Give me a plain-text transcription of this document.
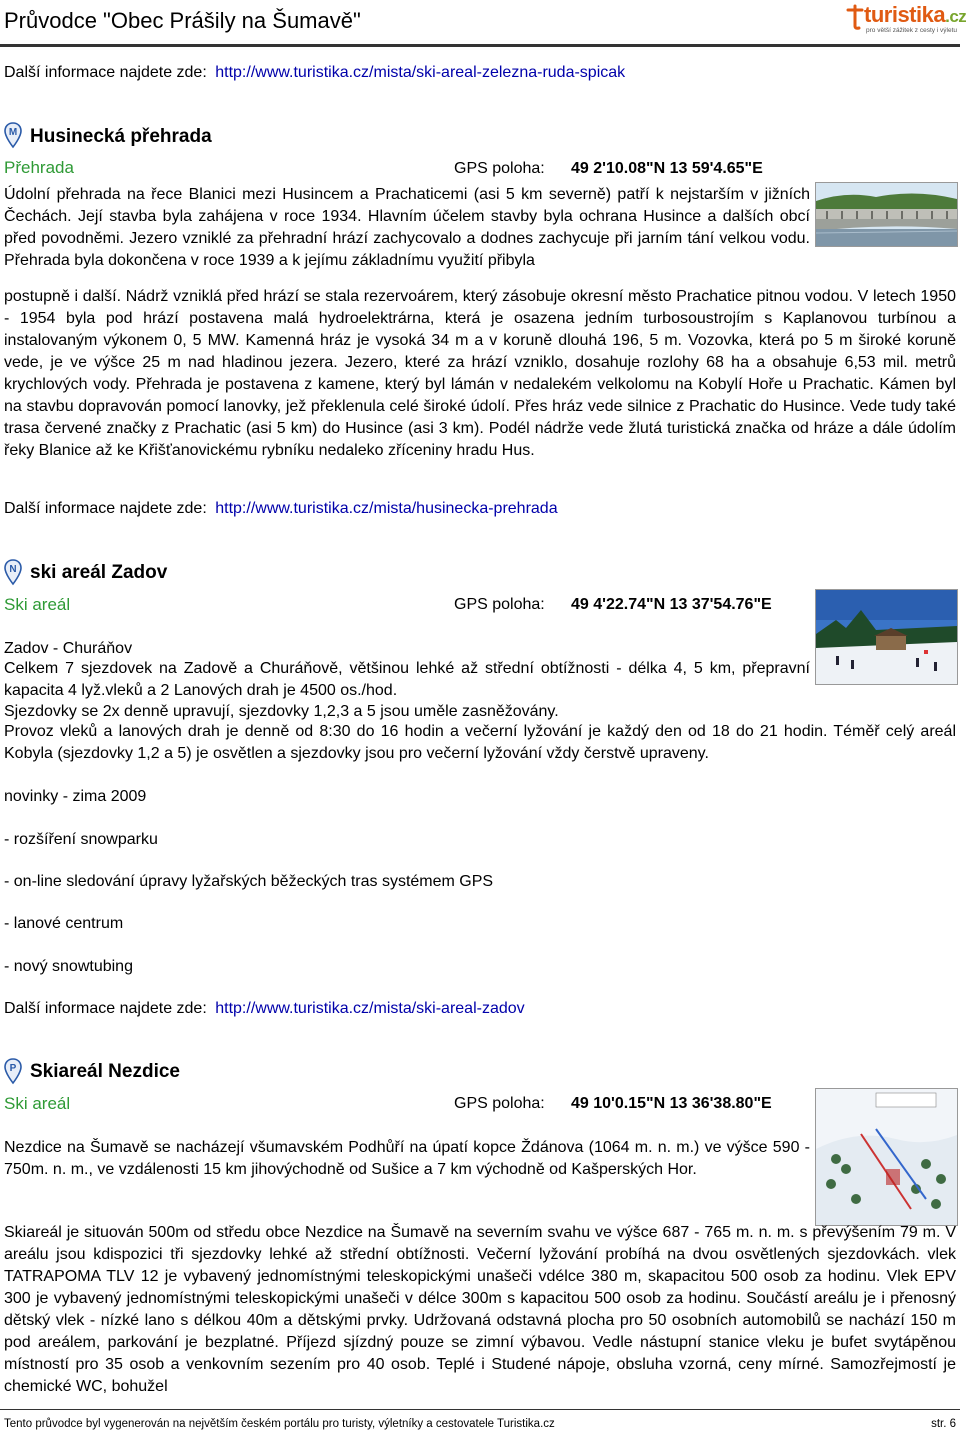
Průvodce "Obec Prášily na Šumavě"	turistika.cz
pro větší zážitek z cesty i výletu
Další informace najdete zde: http://www.turistika.cz/mista/ski-areal-zelezna-ruda-spicak
M Husinecká přehrada
Přehrada	GPS poloha: 49 2'10.08"N 13 59'4.65"E
Údolní přehrada na řece Blanici mezi Husincem a Prachaticemi (asi 5 km severně) patří k nejstarším v jižních Čechách. Její stavba byla zahájena v roce 1934. Hlavním účelem stavby byla ochrana Husince a dalších obcí před povodněmi. Jezero vzniklé za přehradní hrází zachycovalo a dodnes zachycuje při jarním tání velkou vodu. Přehrada byla dokončena v roce 1939 a k jejímu základnímu využití přibyla
postupně i další. Nádrž vzniklá před hrází se stala rezervoárem, který zásobuje okresní město Prachatice pitnou vodou. V letech 1950 - 1954 byla pod hrází postavena malá hydroelektrárna, která je osazena jedním turbosoustrojím s Kaplanovou turbínou a instalovaným výkonem 0, 5 MW. Kamenná hráz je vysoká 34 m a v koruně dlouhá 196, 5 m. Vozovka, která po 5 m široké koruně vede, je ve výšce 25 m nad hladinou jezera. Jezero, které za hrází vzniklo, dosahuje rozlohy 68 ha a obsahuje 6,53 mil. metrů krychlových vody. Přehrada je postavena z kamene, který byl lámán v nedalekém velkolomu na Kobylí Hoře u Prachatic. Kámen byl na stavbu dopravován pomocí lanovky, jež překlenula celé široké údolí. Přes hráz vede silnice z Prachatic do Husince. Vede tudy také trasa červené značky z Prachatic (asi 5 km) do Husince (asi 3 km). Podél nádrže vede žlutá turistická značka od hráze a dále údolím řeky Blanice až ke Křišťanovickému rybníku nedaleko zříceniny hradu Hus.
Další informace najdete zde: http://www.turistika.cz/mista/husinecka-prehrada
N ski areál Zadov
Ski areál	GPS poloha: 49 4'22.74"N 13 37'54.76"E
Zadov - Churáňov
Celkem 7 sjezdovek na Zadově a Churáňově, většinou lehké až střední obtížnosti - délka 4, 5 km, přepravní kapacita 4 lyž.vleků a 2 Lanových drah je 4500 os./hod.
Sjezdovky se 2x denně upravují, sjezdovky 1,2,3 a 5 jsou uměle zasněžovány.
Provoz vleků a lanových drah je denně od 8:30 do 16 hodin a večerní lyžování je každý den od 18 do 21 hodin. Téměř celý areál Kobyla (sjezdovky 1,2 a 5) je osvětlen a sjezdovky jsou pro večerní lyžování vždy čerstvě upraveny.
novinky - zima 2009
- rozšíření snowparku
- on-line sledování úpravy lyžařských běžeckých tras systémem GPS
- lanové centrum
- nový snowtubing
Další informace najdete zde: http://www.turistika.cz/mista/ski-areal-zadov
P Skiareál Nezdice
Ski areál	GPS poloha: 49 10'0.15"N 13 36'38.80"E
Nezdice na Šumavě se nacházejí všumavském Podhůří na úpatí kopce Ždánova (1064 m. n. m.) ve výšce 590 - 750m. n. m., ve vzdálenosti 15 km jihovýchodně od Sušice a 7 km východně od Kašperských Hor.
Skiareál je situován 500m od středu obce Nezdice na Šumavě na severním svahu ve výšce 687 - 765 m. n. m. s převýšením 79 m. V areálu jsou kdispozici tři sjezdovky lehké až střední obtížnosti. Večerní lyžování probíhá na dvou osvětlených sjezdovkách. vlek TATRAPOMA TLV 12 je vybavený jednomístnými teleskopickými unašeči vdélce 380 m, skapacitou 500 osob za hodinu. Vlek EPV 300 je vybavený jednomístnými teleskopickými unašeči v délce 300m s kapacitou 500 osob za hodinu. Součástí areálu je i přenosný dětský vlek - nízké lano s délkou 40m a dětskými prvky. Udržovaná odstavná plocha pro 50 osobních automobilů se nachází 150 m pod areálem, parkování je bezplatné. Příjezd sjízdný pouze se zimní výbavou. Vedle nástupní stanice vleku je bufet svytápěnou místností pro 35 osob a venkovním sezením pro 40 osob. Teplé i Studené nápoje, obsluha vzorná, ceny mírné. Samozřejmostí je chemické WC, bohužel
Tento průvodce byl vygenerován na největším českém portálu pro turisty, výletníky a cestovatele Turistika.cz	str. 6
